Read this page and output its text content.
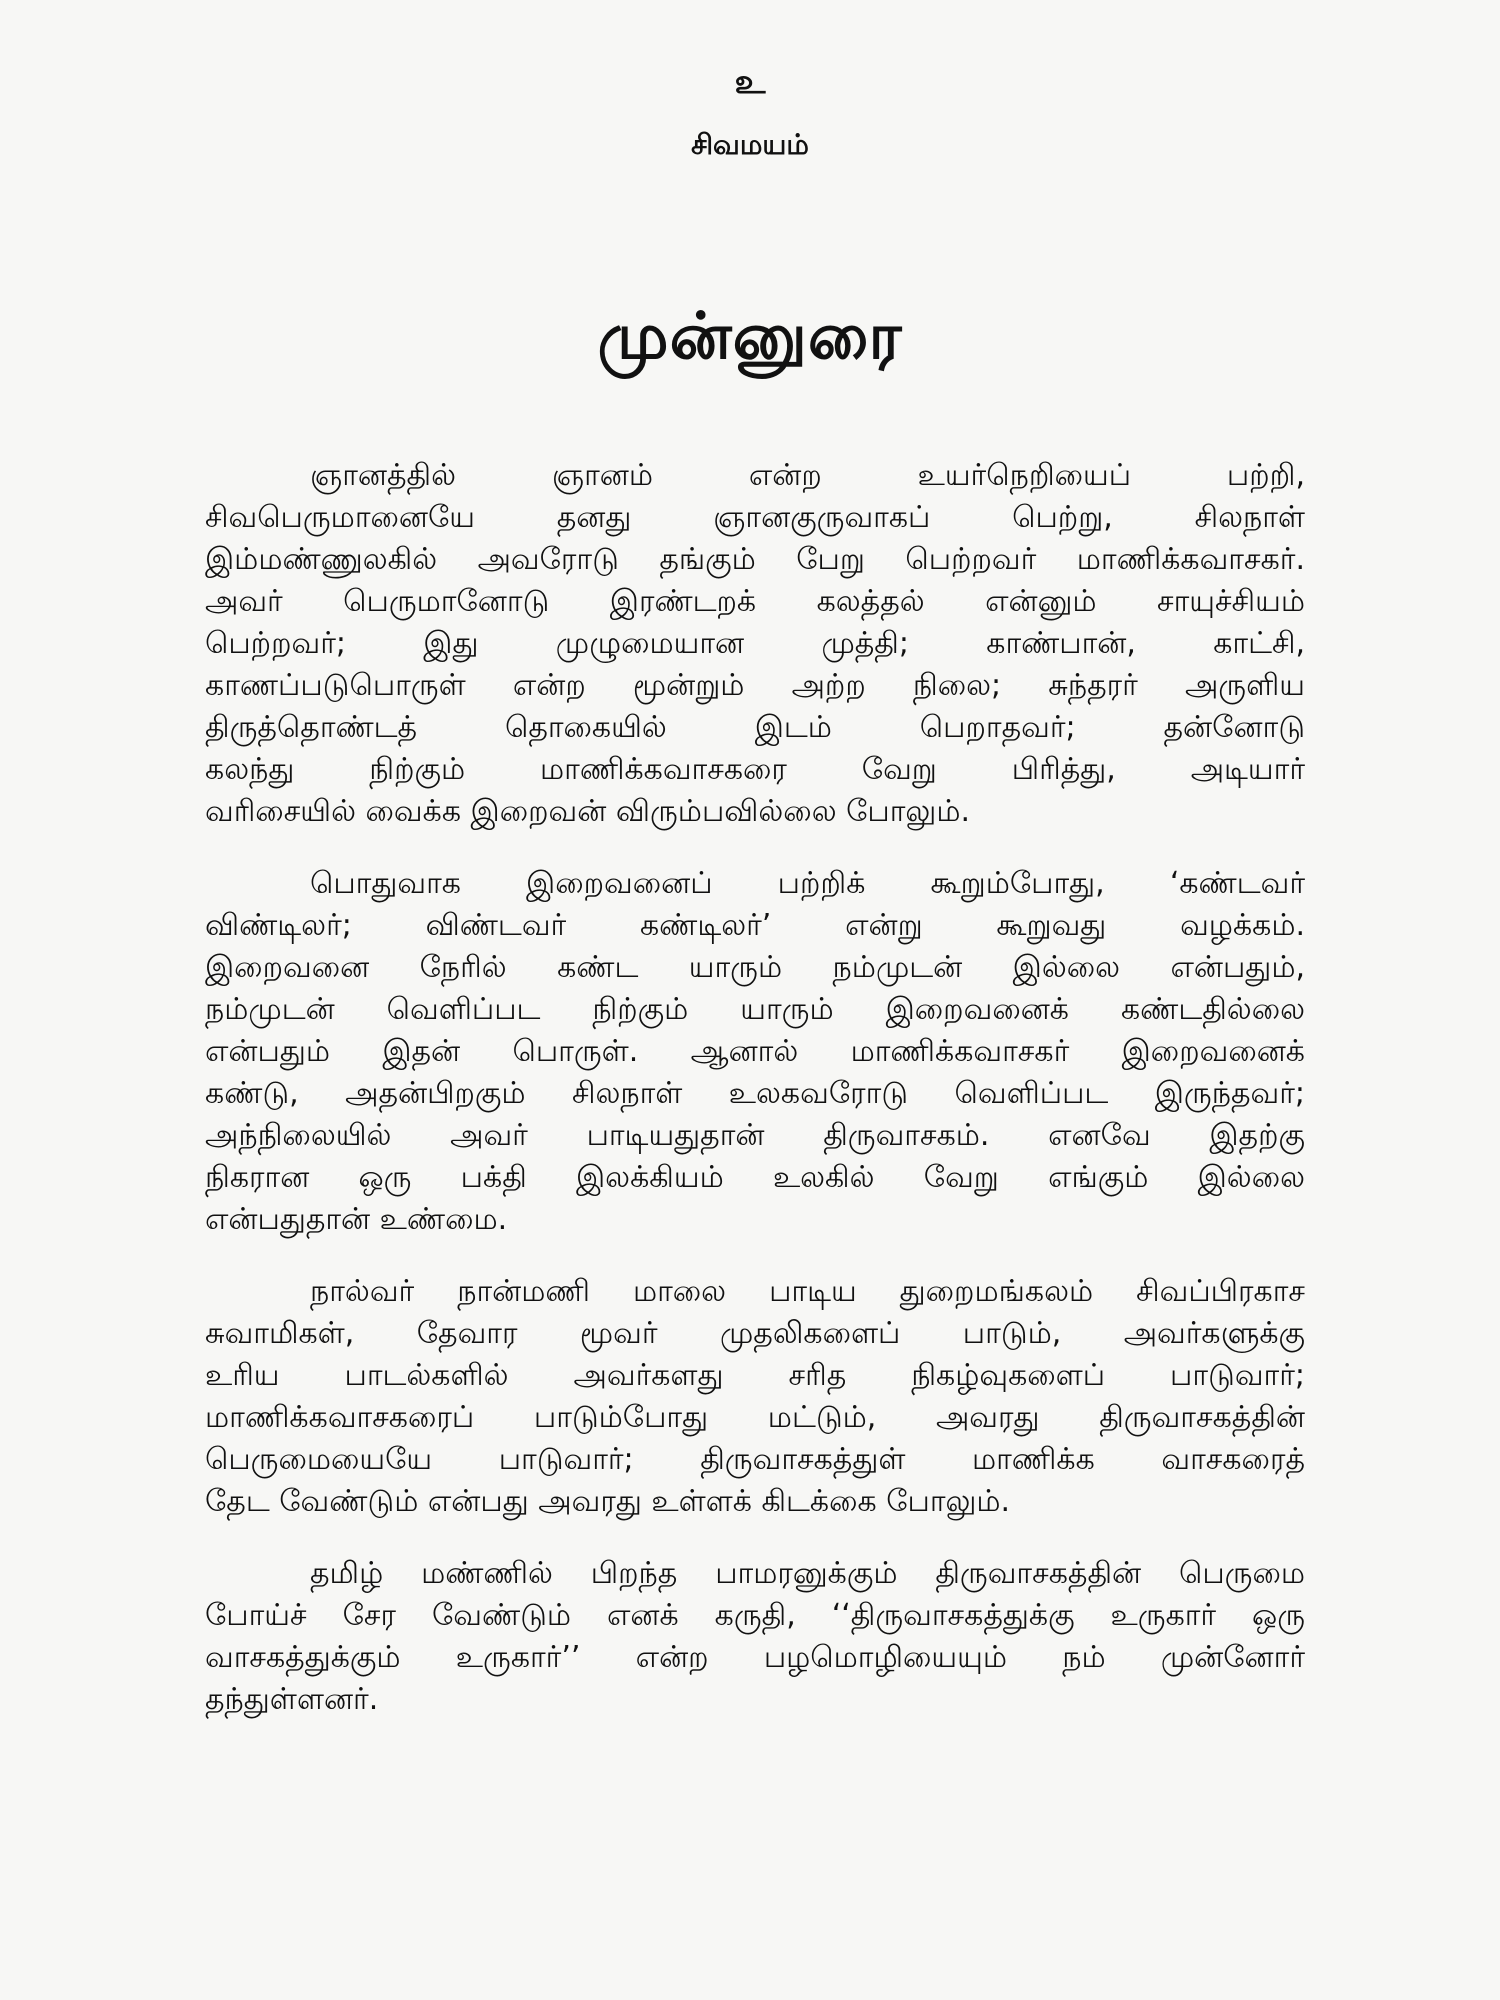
உ
சிவமயம்
முன்னுரை
ஞானத்தில் ஞானம் என்ற உயர்நெறியைப் பற்றி,
சிவபெருமானையே தனது ஞானகுருவாகப் பெற்று, சிலநாள்
இம்மண்ணுலகில் அவரோடு தங்கும் பேறு பெற்றவர் மாணிக்கவாசகர்.
அவர் பெருமானோடு இரண்டறக் கலத்தல் என்னும் சாயுச்சியம்
பெற்றவர்; இது முழுமையான முத்தி; காண்பான், காட்சி,
காணப்படுபொருள் என்ற மூன்றும் அற்ற நிலை; சுந்தரர் அருளிய
திருத்தொண்டத் தொகையில் இடம் பெறாதவர்; தன்னோடு
கலந்து நிற்கும் மாணிக்கவாசகரை வேறு பிரித்து, அடியார்
வரிசையில் வைக்க இறைவன் விரும்பவில்லை போலும்.
பொதுவாக இறைவனைப் பற்றிக் கூறும்போது, ‘கண்டவர்
விண்டிலர்; விண்டவர் கண்டிலர்’ என்று கூறுவது வழக்கம்.
இறைவனை நேரில் கண்ட யாரும் நம்முடன் இல்லை என்பதும்,
நம்முடன் வெளிப்பட நிற்கும் யாரும் இறைவனைக் கண்டதில்லை
என்பதும் இதன் பொருள். ஆனால் மாணிக்கவாசகர் இறைவனைக்
கண்டு, அதன்பிறகும் சிலநாள் உலகவரோடு வெளிப்பட இருந்தவர்;
அந்நிலையில் அவர் பாடியதுதான் திருவாசகம். எனவே இதற்கு
நிகரான ஒரு பக்தி இலக்கியம் உலகில் வேறு எங்கும் இல்லை
என்பதுதான் உண்மை.
நால்வர் நான்மணி மாலை பாடிய துறைமங்கலம் சிவப்பிரகாச
சுவாமிகள், தேவார மூவர் முதலிகளைப் பாடும், அவர்களுக்கு
உரிய பாடல்களில் அவர்களது சரித நிகழ்வுகளைப் பாடுவார்;
மாணிக்கவாசகரைப் பாடும்போது மட்டும், அவரது திருவாசகத்தின்
பெருமையையே பாடுவார்; திருவாசகத்துள் மாணிக்க வாசகரைத்
தேட வேண்டும் என்பது அவரது உள்ளக் கிடக்கை போலும்.
தமிழ் மண்ணில் பிறந்த பாமரனுக்கும் திருவாசகத்தின் பெருமை
போய்ச் சேர வேண்டும் எனக் கருதி, ‘‘திருவாசகத்துக்கு உருகார் ஒரு
வாசகத்துக்கும் உருகார்’’ என்ற பழமொழியையும் நம் முன்னோர்
தந்துள்ளனர்.
